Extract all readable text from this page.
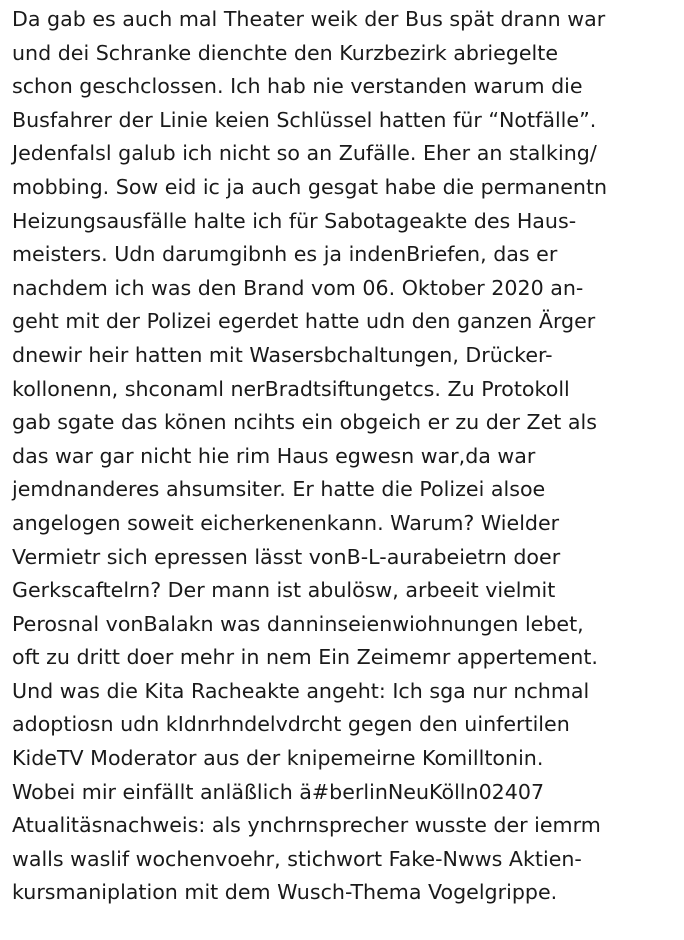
Da gab es auch mal Theater weik der Bus spät drann war
und dei Schranke dienchte den Kurzbezirk abriegelte
schon geschclossen. Ich hab nie verstanden warum die
Busfahrer der Linie keien Schlüssel hatten für “Notfälle”.
Jedenfalsl galub ich nicht so an Zufälle. Eher an stalking/
mobbing. Sow eid ic ja auch gesgat habe die permanentn
Heizungsausfälle halte ich für Sabotageakte des Haus-
meisters. Udn darumgibnh es ja indenBriefen, das er
nachdem ich was den Brand vom 06. Oktober 2020 an-
geht mit der Polizei egerdet hatte udn den ganzen Ärger
dnewir heir hatten mit Wasersbchaltungen, Drücker-
kollonenn, shconaml nerBradtsiftungetcs. Zu Protokoll
gab sgate das könen ncihts ein obgeich er zu der Zet als
das war gar nicht hie rim Haus egwesn war,da war
jemdnanderes ahsumsiter. Er hatte die Polizei alsoe
angelogen soweit eicherkenenkann. Warum? Wielder
Vermietr sich epressen lässt vonB-L-aurabeietrn doer
Gerkscaftelrn? Der mann ist abulösw, arbeeit vielmit
Perosnal vonBalakn was danninseienwiohnungen lebet,
oft zu dritt doer mehr in nem Ein Zeimemr appertement.
Und was die Kita Racheakte angeht: Ich sga nur nchmal
adoptiosn udn kIdnrhndelvdrcht gegen den uinfertilen
KideTV Moderator aus der knipemeirne Komilltonin.
Wobei mir einfällt anläßlich ä#berlinNeuKölln02407
Atualitäsnachweis: als ynchrnsprecher wusste der iemrm
walls waslif wochenvoehr, stichwort Fake-Nwws Aktien-
kursmaniplation mit dem Wusch-Thema Vogelgrippe.
